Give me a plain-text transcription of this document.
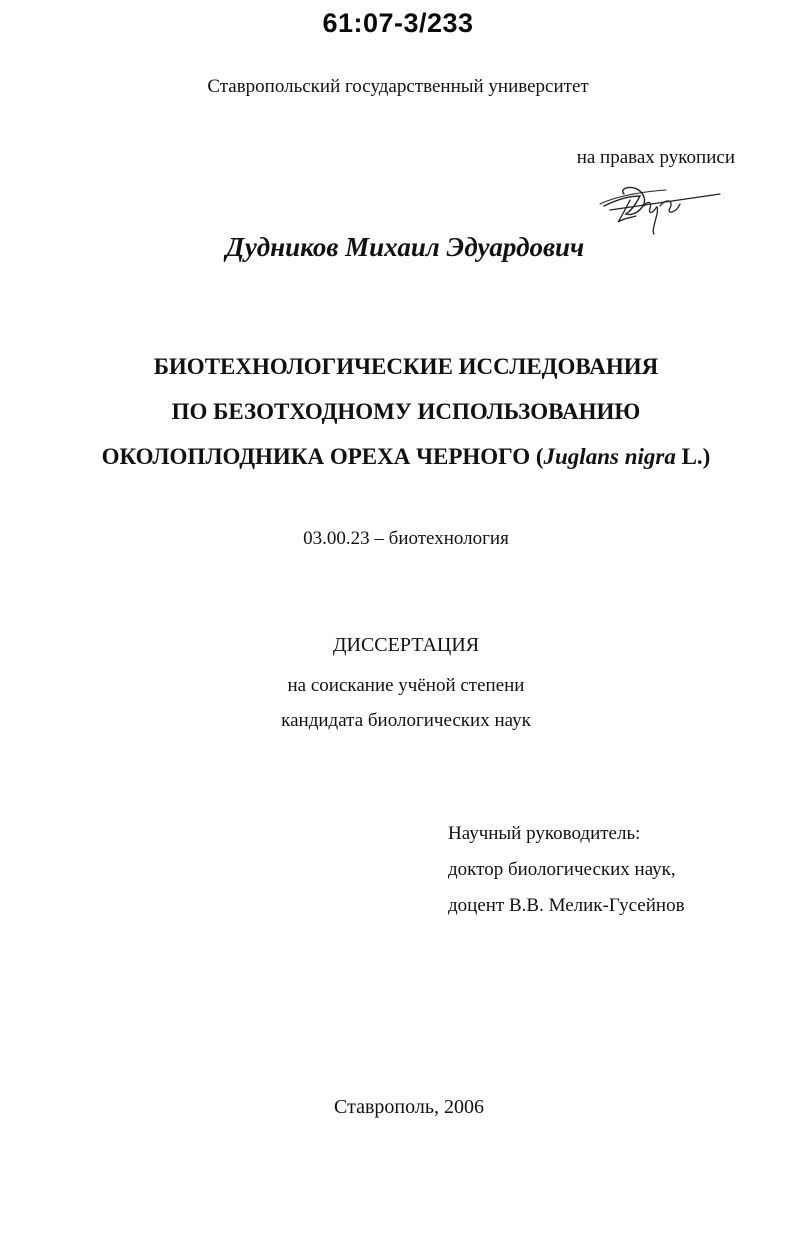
61:07-3/233
Ставропольский государственный университет
на правах рукописи
Дудников Михаил Эдуардович
БИОТЕХНОЛОГИЧЕСКИЕ ИССЛЕДОВАНИЯ
ПО БЕЗОТХОДНОМУ ИСПОЛЬЗОВАНИЮ
ОКОЛОПЛОДНИКА ОРЕХА ЧЕРНОГО (Juglans nigra L.)
03.00.23 – биотехнология
ДИССЕРТАЦИЯ
на соискание учёной степени
кандидата биологических наук
Научный руководитель:
доктор биологических наук,
доцент В.В. Мелик-Гусейнов
Ставрополь, 2006
